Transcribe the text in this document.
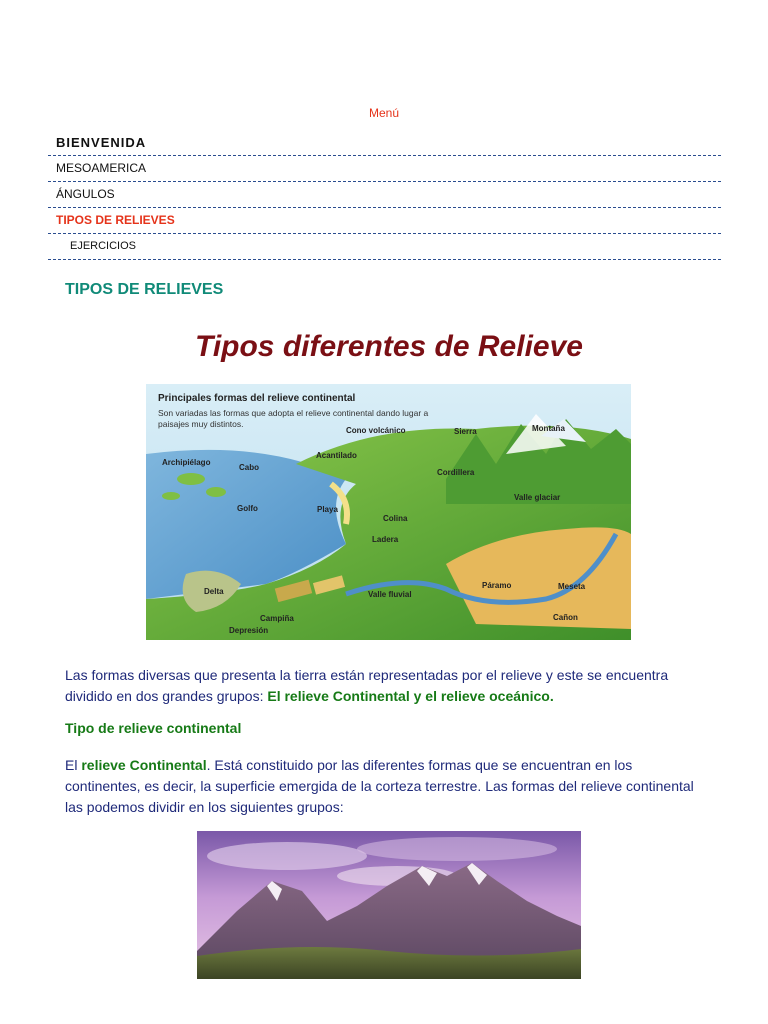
Menú
BIENVENIDA
MESOAMERICA
ÁNGULOS
TIPOS DE RELIEVES
EJERCICIOS
TIPOS DE RELIEVES
Tipos diferentes de Relieve
Principales formas del relieve continental
Son variadas las formas que adopta el relieve continental dando lugar a paisajes muy distintos.
Cono volcánico	Sierra	Montaña
Archipiélago
Cabo
Acantilado
Cordillera
Valle glaciar
Golfo	Playa
Colina
Ladera
Páramo	Meseta
Delta	Valle fluvial
Cañon
Campiña
Depresión
Las formas diversas que presenta la tierra están representadas por el relieve y este se encuentra dividido en dos grandes grupos: El relieve Continental y el relieve oceánico.
Tipo de relieve continental
El relieve Continental. Está constituido por las diferentes formas que se encuentran en los continentes, es decir, la superficie emergida de la corteza terrestre. Las formas del relieve continental las podemos dividir en los siguientes grupos:
